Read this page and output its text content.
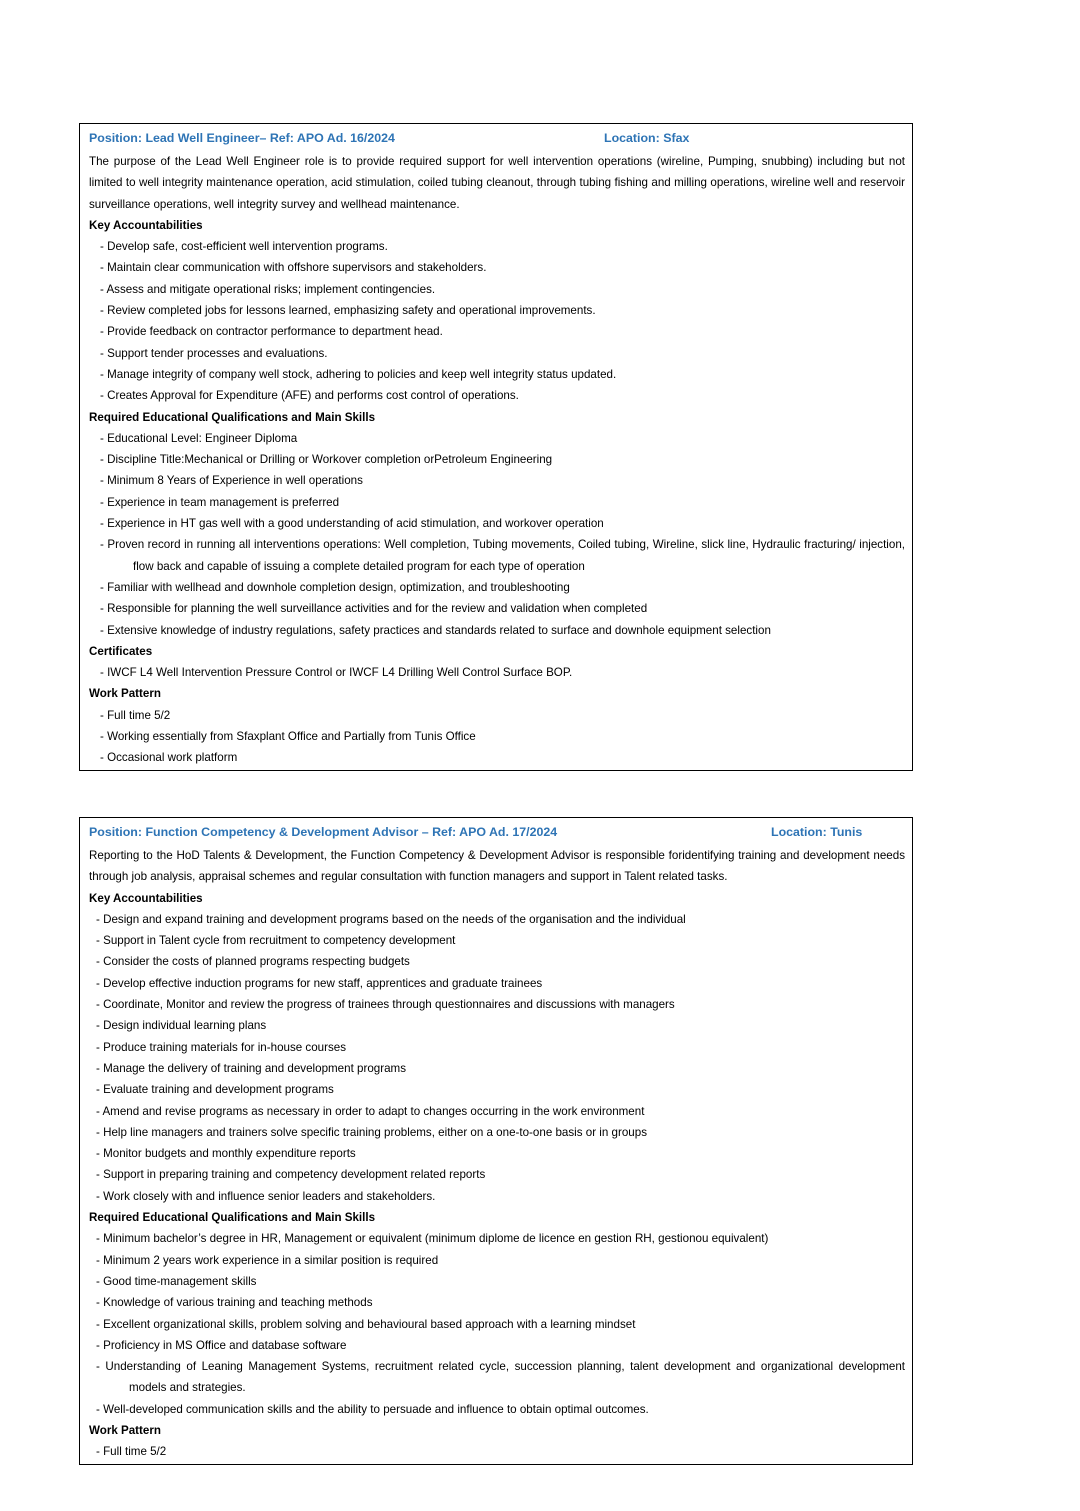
Position: Lead Well Engineer– Ref: APO Ad. 16/2024	Location: Sfax

The purpose of the Lead Well Engineer role is to provide required support for well intervention operations (wireline, Pumping, snubbing) including but not limited to well integrity maintenance operation, acid stimulation, coiled tubing cleanout, through tubing fishing and milling operations, wireline well and reservoir surveillance operations, well integrity survey and wellhead maintenance.

Key Accountabilities

- Develop safe, cost-efficient well intervention programs.
- Maintain clear communication with offshore supervisors and stakeholders.
- Assess and mitigate operational risks; implement contingencies.
- Review completed jobs for lessons learned, emphasizing safety and operational improvements.
- Provide feedback on contractor performance to department head.
- Support tender processes and evaluations.
- Manage integrity of company well stock, adhering to policies and keep well integrity status updated.
- Creates Approval for Expenditure (AFE) and performs cost control of operations.

Required Educational Qualifications and Main Skills

- Educational Level: Engineer Diploma
- Discipline Title:Mechanical or Drilling or Workover completion orPetroleum Engineering
- Minimum 8 Years of Experience in well operations
- Experience in team management is preferred
- Experience in HT gas well with a good understanding of acid stimulation, and workover operation
- Proven record in running all interventions operations: Well completion, Tubing movements, Coiled tubing, Wireline, slick line, Hydraulic fracturing/ injection, flow back and capable of issuing a complete detailed program for each type of operation
- Familiar with wellhead and downhole completion design, optimization, and troubleshooting
- Responsible for planning the well surveillance activities and for the review and validation when completed
- Extensive knowledge of industry regulations, safety practices and standards related to surface and downhole equipment selection

Certificates

- IWCF L4 Well Intervention Pressure Control or IWCF L4 Drilling Well Control Surface BOP.

Work Pattern

- Full time 5/2
- Working essentially from Sfaxplant Office and Partially from Tunis Office
- Occasional work platform
Position: Function Competency & Development Advisor – Ref: APO Ad. 17/2024	Location: Tunis

Reporting to the HoD Talents & Development, the Function Competency & Development Advisor is responsible foridentifying training and development needs through job analysis, appraisal schemes and regular consultation with function managers and support in Talent related tasks.

Key Accountabilities

- Design and expand training and development programs based on the needs of the organisation and the individual
- Support in Talent cycle from recruitment to competency development
- Consider the costs of planned programs respecting budgets
- Develop effective induction programs for new staff, apprentices and graduate trainees
- Coordinate, Monitor and review the progress of trainees through questionnaires and discussions with managers
- Design individual learning plans
- Produce training materials for in-house courses
- Manage the delivery of training and development programs
- Evaluate training and development programs
- Amend and revise programs as necessary in order to adapt to changes occurring in the work environment
- Help line managers and trainers solve specific training problems, either on a one-to-one basis or in groups
- Monitor budgets and monthly expenditure reports
- Support in preparing training and competency development related reports
- Work closely with and influence senior leaders and stakeholders.

Required Educational Qualifications and Main Skills

- Minimum bachelor’s degree in HR, Management or equivalent (minimum diplome de licence en gestion RH, gestionou equivalent)
- Minimum 2 years work experience in a similar position is required
- Good time-management skills
- Knowledge of various training and teaching methods
- Excellent organizational skills, problem solving and behavioural based approach with a learning mindset
- Proficiency in MS Office and database software
- Understanding of Leaning Management Systems, recruitment related cycle, succession planning, talent development and organizational development models and strategies.
- Well-developed communication skills and the ability to persuade and influence to obtain optimal outcomes.

Work Pattern

- Full time 5/2
